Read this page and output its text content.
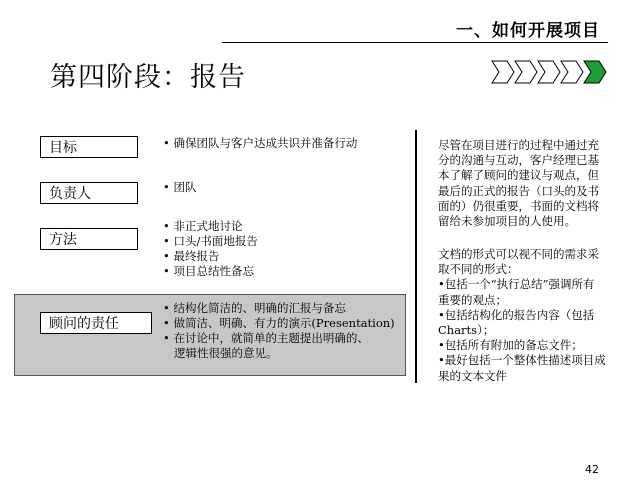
一、如何开展项目
第四阶段：报告
目标	• 确保团队与客户达成共识并准备行动
负责人	• 团队
方法
• 非正式地讨论
• 口头/书面地报告
• 最终报告
• 项目总结性备忘
顾问的责任
• 结构化简洁的、明确的汇报与备忘
• 做简洁、明确、有力的演示(Presentation)
• 在讨论中，就简单的主题提出明确的、
逻辑性很强的意见。
尽管在项目进行的过程中通过充
分的沟通与互动，客户经理已基
本了解了顾问的建议与观点，但
最后的正式的报告（口头的及书
面的）仍很重要，书面的文档将
留给未参加项目的人使用。
文档的形式可以视不同的需求采
取不同的形式：
•包括一个“执行总结”强调所有
重要的观点；
•包括结构化的报告内容（包括
Charts）；
•包括所有附加的备忘文件；
•最好包括一个整体性描述项目成
果的文本文件
42
